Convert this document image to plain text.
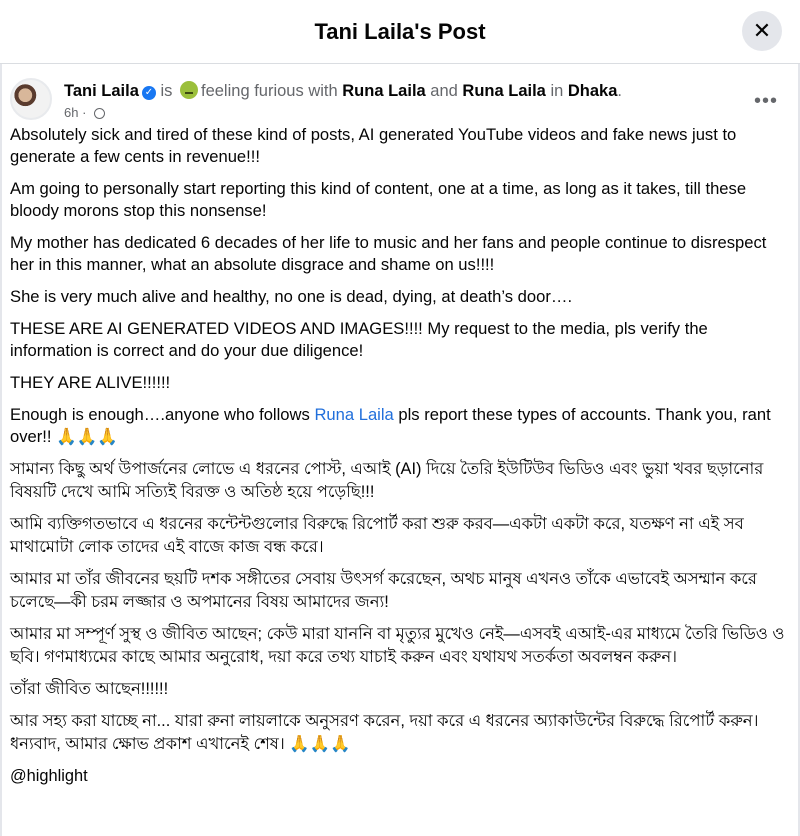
Tani Laila's Post	✕
Tani Laila ✓ is feeling furious with Runa Laila and Runa Laila in Dhaka.
6h ·
•••

Absolutely sick and tired of these kind of posts, AI generated YouTube videos and fake news just to generate a few cents in revenue!!!

Am going to personally start reporting this kind of content, one at a time, as long as it takes, till these bloody morons stop this nonsense!

My mother has dedicated 6 decades of her life to music and her fans and people continue to disrespect her in this manner, what an absolute disgrace and shame on us!!!!

She is very much alive and healthy, no one is dead, dying, at death’s door….

THESE ARE AI GENERATED VIDEOS AND IMAGES!!!! My request to the media, pls verify the information is correct and do your due diligence!

THEY ARE ALIVE!!!!!!

Enough is enough….anyone who follows Runa Laila pls report these types of accounts. Thank you, rant over!! 🙏🙏🙏

সামান্য কিছু অর্থ উপার্জনের লোভে এ ধরনের পোস্ট, এআই (AI) দিয়ে তৈরি ইউটিউব ভিডিও এবং ভুয়া খবর ছড়ানোর বিষয়টি দেখে আমি সত্যিই বিরক্ত ও অতিষ্ঠ হয়ে পড়েছি!!!

আমি ব্যক্তিগতভাবে এ ধরনের কন্টেন্টগুলোর বিরুদ্ধে রিপোর্ট করা শুরু করব—একটা একটা করে, যতক্ষণ না এই সব মাথামোটা লোক তাদের এই বাজে কাজ বন্ধ করে।

আমার মা তাঁর জীবনের ছয়টি দশক সঙ্গীতের সেবায় উৎসর্গ করেছেন, অথচ মানুষ এখনও তাঁকে এভাবেই অসম্মান করে চলেছে—কী চরম লজ্জার ও অপমানের বিষয় আমাদের জন্য!

আমার মা সম্পূর্ণ সুস্থ ও জীবিত আছেন; কেউ মারা যাননি বা মৃত্যুর মুখেও নেই—এসবই এআই-এর মাধ্যমে তৈরি ভিডিও ও ছবি। গণমাধ্যমের কাছে আমার অনুরোধ, দয়া করে তথ্য যাচাই করুন এবং যথাযথ সতর্কতা অবলম্বন করুন।

তাঁরা জীবিত আছেন!!!!!!

আর সহ্য করা যাচ্ছে না... যারা রুনা লায়লাকে অনুসরণ করেন, দয়া করে এ ধরনের অ্যাকাউন্টের বিরুদ্ধে রিপোর্ট করুন। ধন্যবাদ, আমার ক্ষোভ প্রকাশ এখানেই শেষ। 🙏🙏🙏

@highlight
